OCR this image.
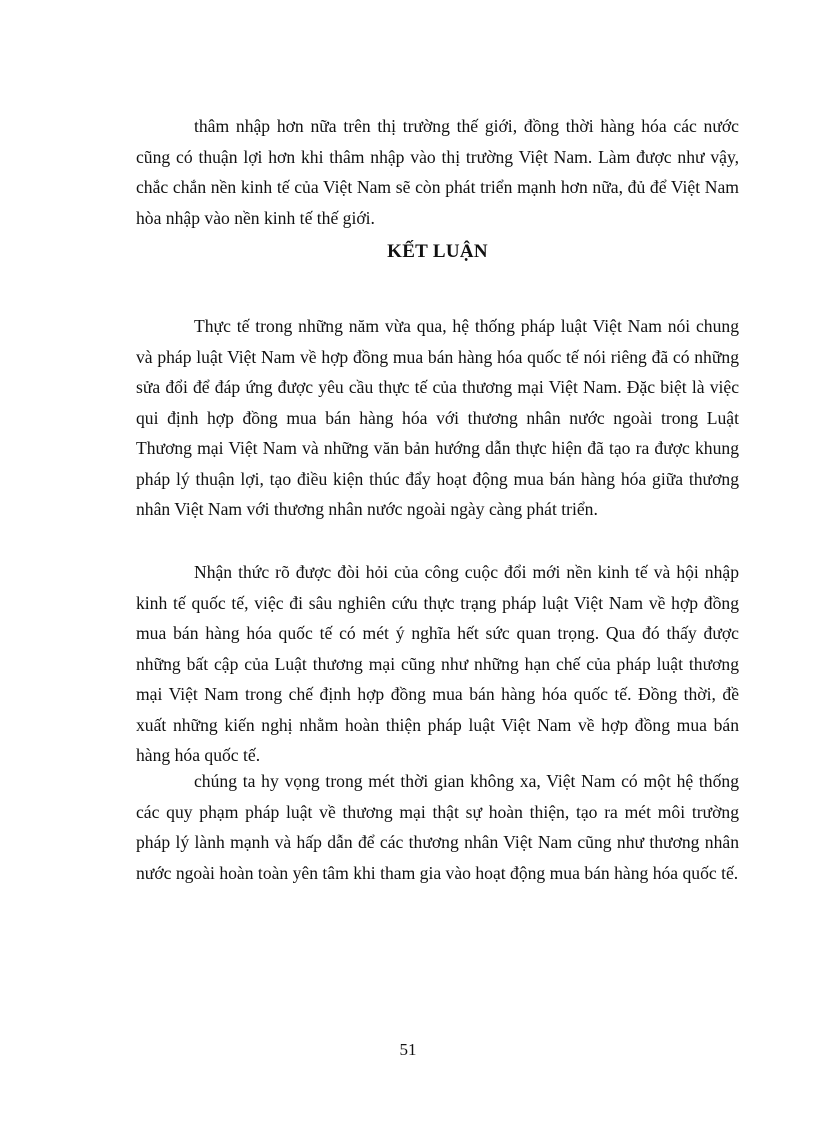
thâm nhập hơn nữa trên thị trường thế giới, đồng thời hàng hóa các nước cũng có thuận lợi hơn khi thâm nhập vào thị trường Việt Nam. Làm được như vậy, chắc chắn nền kinh tế của Việt Nam sẽ còn phát triển mạnh hơn nữa, đủ để Việt Nam hòa nhập vào nền kinh tế thế giới.

KẾT LUẬN

Thực tế trong những năm vừa qua, hệ thống pháp luật Việt Nam nói chung và pháp luật Việt Nam về hợp đồng mua bán hàng hóa quốc tế nói riêng đã có những sửa đổi để đáp ứng được yêu cầu thực tế của thương mại Việt Nam. Đặc biệt là việc qui định hợp đồng mua bán hàng hóa với thương nhân nước ngoài trong Luật Thương mại Việt Nam và những văn bản hướng dẫn thực hiện đã tạo ra được khung pháp lý thuận lợi, tạo điều kiện thúc đẩy hoạt động mua bán hàng hóa giữa thương nhân Việt Nam với thương nhân nước ngoài ngày càng phát triển.

Nhận thức rõ được đòi hỏi của công cuộc đổi mới nền kinh tế và hội nhập kinh tế quốc tế, việc đi sâu nghiên cứu thực trạng pháp luật Việt Nam về hợp đồng mua bán hàng hóa quốc tế có mét ý nghĩa hết sức quan trọng. Qua đó thấy được những bất cập của Luật thương mại cũng như những hạn chế của pháp luật thương mại Việt Nam trong chế định hợp đồng mua bán hàng hóa quốc tế. Đồng thời, đề xuất những kiến nghị nhằm hoàn thiện pháp luật Việt Nam về hợp đồng mua bán hàng hóa quốc tế.

chúng ta hy vọng trong mét thời gian không xa, Việt Nam có một hệ thống các quy phạm pháp luật về thương mại thật sự hoàn thiện, tạo ra mét môi trường pháp lý lành mạnh và hấp dẫn để các thương nhân Việt Nam cũng như thương nhân nước ngoài hoàn toàn yên tâm khi tham gia vào hoạt động mua bán hàng hóa quốc tế.

51
